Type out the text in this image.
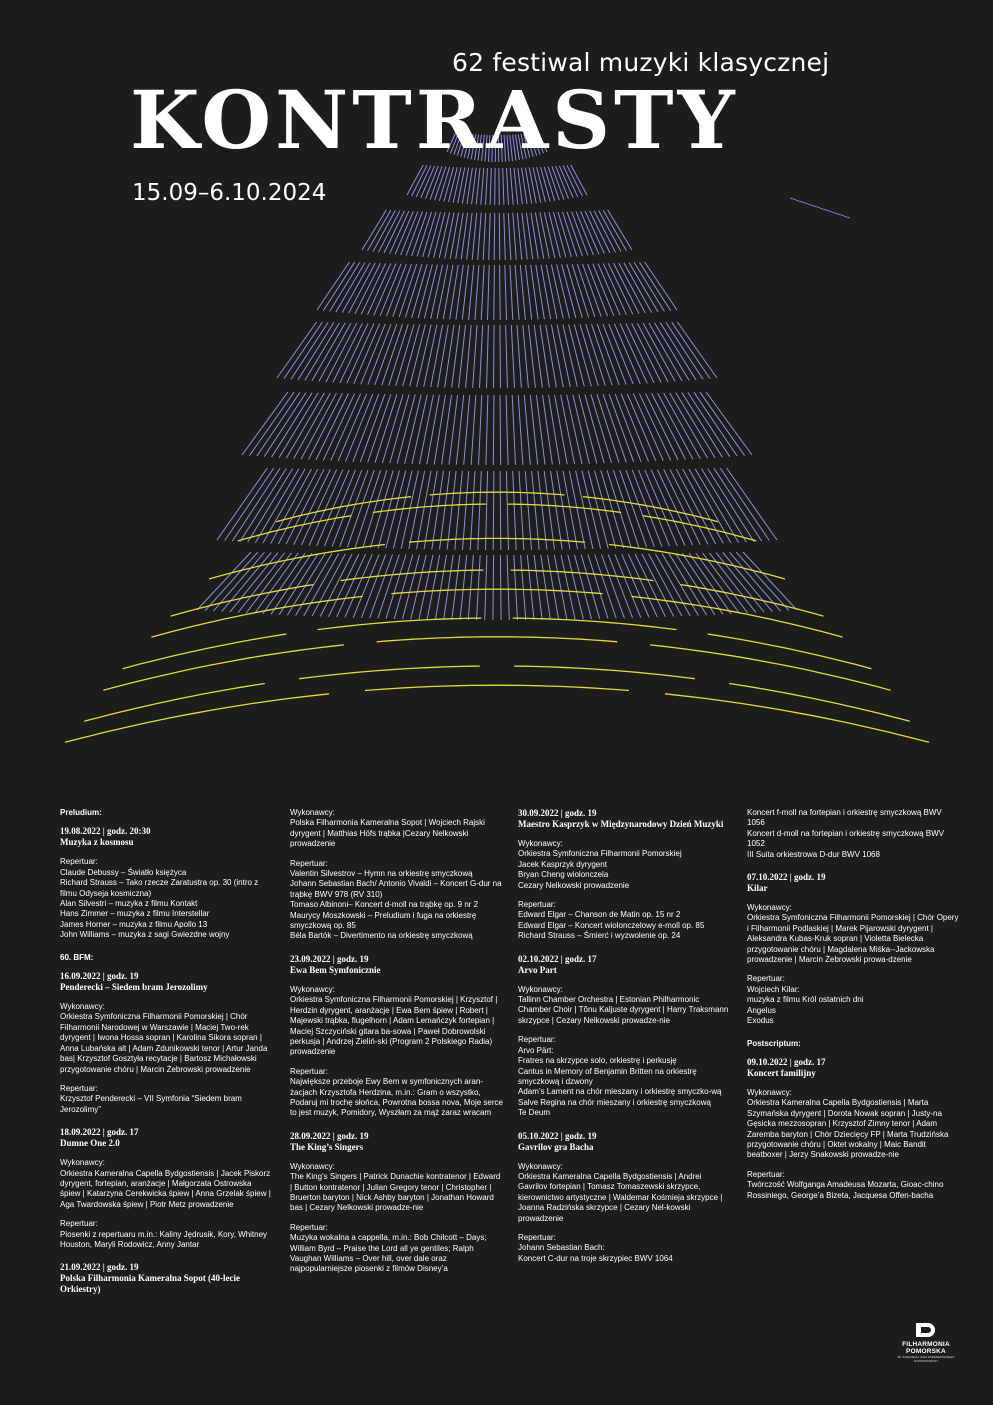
62 festiwal muzyki klasycznej
KONTRASTY
15.09–6.10.2024
Preludium:
19.08.2022 | godz. 20:30
Muzyka z kosmosu
Repertuar:
Claude Debussy – Światło księżyca
Richard Strauss – Tako rzecze Zaratustra op. 30 (intro z filmu Odyseja kosmiczna)
Alan Silvestri – muzyka z filmu Kontakt
Hans Zimmer – muzyka z filmu Interstellar
James Horner – muzyka z filmu Apollo 13
John Williams – muzyka z sagi Gwiezdne wojny
60. BFM:
16.09.2022 | godz. 19
Penderecki – Siedem bram Jerozolimy
Wykonawcy:
Orkiestra Symfoniczna Filharmonii Pomorskiej | Chór Filharmonii Narodowej w Warszawie | Maciej Two-rek dyrygent | Iwona Hossa sopran | Karolina Sikora sopran | Anna Lubańska alt | Adam Zdunikowski tenor | Artur Janda bas| Krzysztof Gosztyła recytacje | Bartosz Michałowski przygotowanie chóru | Marcin Żebrowski prowadzenie
Repertuar:
Krzysztof Penderecki – VII Symfonia “Siedem bram Jerozolimy”
18.09.2022 | godz. 17
Dumne One 2.0
Wykonawcy:
Orkiestra Kameralna Capella Bydgostiensis | Jacek Piskorz dyrygent, fortepian, aranżacje | Małgorzata Ostrowska śpiew | Katarzyna Cerekwicka śpiew | Anna Grzelak śpiew | Aga Twardowska śpiew | Piotr Metz prowadzenie
Repertuar:
Piosenki z repertuaru m.in.: Kaliny Jędrusik, Kory, Whitney Houston, Maryli Rodowicz, Anny Jantar
21.09.2022 | godz. 19
Polska Filharmonia Kameralna Sopot (40-lecie Orkiestry)
Wykonawcy:
Polska Filharmonia Kameralna Sopot | Wojciech Rajski dyrygent | Matthias Höfs trąbka |Cezary Nelkowski prowadzenie
Repertuar:
Valentin Silvestrov – Hymn na orkiestrę smyczkową
Johann Sebastian Bach/ Antonio Vivaldi – Koncert G-dur na trąbkę BWV 978 (RV 310)
Tomaso Albinoni– Koncert d-moll na trąbkę op. 9 nr 2
Maurycy Moszkowski – Preludium i fuga na orkiestrę smyczkową op. 85
Béla Bartók – Divertimento na orkiestrę smyczkową
23.09.2022 | godz. 19
Ewa Bem Symfonicznie
Wykonawcy:
Orkiestra Symfoniczna Filharmonii Pomorskiej | Krzysztof | Herdzin dyrygent, aranżacje | Ewa Bem śpiew | Robert | Majewski trąbka, flugelhorn | Adam Lemańczyk fortepian | Maciej Szczyciński gitara ba-sowa | Paweł Dobrowolski perkusja | Andrzej Zieliń-ski (Program 2 Polskiego Radia) prowadzenie
Repertuar:
Największe przeboje Ewy Bem w symfonicznych aran-żacjach Krzysztofa Herdzina, m.in.: Gram o wszystko, Podaruj mi trochę słońca, Powrotna bossa nova, Moje serce to jest muzyk, Pomidory, Wyszłam za mąż zaraz wracam
28.09.2022 | godz. 19
The King’s Singers
Wykonawcy:
The King’s Singers | Patrick Dunachie kontratenor | Edward | Button kontratenor | Julian Gregory tenor | Christopher | Bruerton baryton | Nick Ashby baryton | Jonathan Howard bas | Cezary Nelkowski prowadze-nie
Repertuar:
Muzyka wokalna a cappella, m.in.: Bob Chilcott – Days; William Byrd – Praise the Lord all ye gentiles; Ralph Vaughan Williams – Over hill, over dale oraz najpopularniejsze piosenki z filmów Disney’a
30.09.2022 | godz. 19
Maestro Kasprzyk w Międzynarodowy Dzień Muzyki
Wykonawcy:
Orkiestra Symfoniczna Filharmonii Pomorskiej
Jacek Kasprzyk dyrygent
Bryan Cheng wiolonczela
Cezary Nelkowski prowadzenie
Repertuar:
Edward Elgar – Chanson de Matin op. 15 nr 2
Edward Elgar – Koncert wiolonczelowy e-moll op. 85
Richard Strauss – Śmierć i wyzwolenie op. 24
02.10.2022 | godz. 17
Arvo Part
Wykonawcy:
Tallinn Chamber Orchestra | Estonian Philharmonic Chamber Choir | Tõnu Kaljuste dyrygent | Harry Traksmann skrzypce | Cezary Nelkowski prowadze-nie
Repertuar:
Arvo Pärt:
Fratres na skrzypce solo, orkiestrę i perkusję
Cantus in Memory of Benjamin Britten na orkiestrę smyczkową i dzwony
Adam’s Lament na chór mieszany i orkiestrę smyczko-wą
Salve Regina na chór mieszany i orkiestrę smyczkową
Te Deum
05.10.2022 | godz. 19
Gavrilov gra Bacha
Wykonawcy:
Orkiestra Kameralna Capella Bydgostiensis | Andrei Gavrilov fortepian | Tomasz Tomaszewski skrzypce, kierownictwo artystyczne | Waldemar Kośmieja skrzypce | Joanna Radzińska skrzypce | Cezary Nel-kowski prowadzenie
Repertuar:
Johann Sebastian Bach:
Koncert C-dur na troje skrzypiec BWV 1064
Koncert f-moll na fortepian i orkiestrę smyczkową BWV 1056
Koncert d-moll na fortepian i orkiestrę smyczkową BWV 1052
III Suita orkiestrowa D-dur BWV 1068
07.10.2022 | godz. 19
Kilar
Wykonawcy:
Orkiestra Symfoniczna Filharmonii Pomorskiej | Chór Opery i Filharmonii Podlaskiej | Marek Pijarowski dyrygent | Aleksandra Kubas-Kruk sopran | Violetta Bielecka przygotowanie chóru | Magdalena Miśka--Jackowska prowadzenie | Marcin Żebrowski prowa-dzenie
Repertuar:
Wojciech Kilar:
muzyka z filmu Król ostatnich dni
Angelus
Exodus
Postscriptum:
09.10.2022 | godz. 17
Koncert familijny
Wykonawcy:
Orkiestra Kameralna Capella Bydgostiensis | Marta Szymańska dyrygent | Dorota Nowak sopran | Justy-na Gęsicka mezzosopran | Krzysztof Zimny tenor | Adam Zaremba baryton | Chór Dziecięcy FP | Marta Trudzińska przygotowanie chóru | Oktet wokalny | Maic Bandit beatboxer | Jerzy Snakowski prowadze-nie
Repertuar:
Twórczość Wolfganga Amadeusa Mozarta, Gioac-chino Rossiniego, George’a Bizeta, Jacquesa Offen-bacha
FILHARMONIA
POMORSKA
IM. IGNACEGO JANA PADEREWSKIEGO
W BYDGOSZCZY
